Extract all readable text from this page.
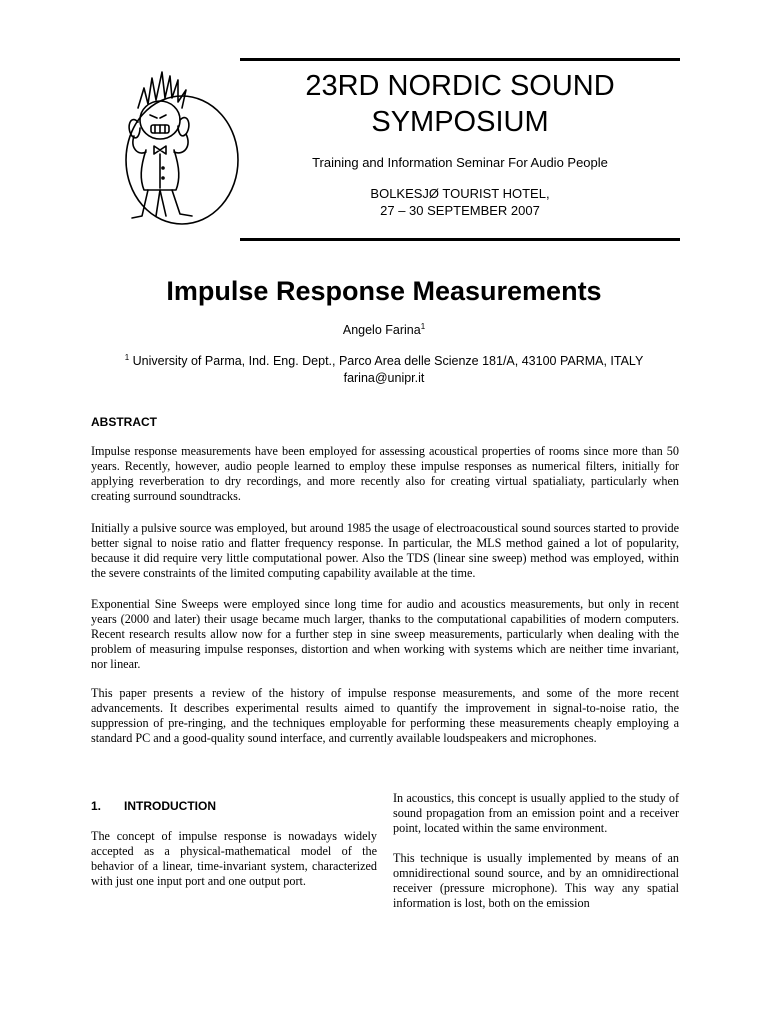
23RD NORDIC SOUND SYMPOSIUM
Training and Information Seminar For Audio People
BOLKESJØ TOURIST HOTEL,
27 – 30 SEPTEMBER 2007
Impulse Response Measurements
Angelo Farina$^1$
$^1$ University of Parma, Ind. Eng. Dept., Parco Area delle Scienze 181/A, 43100 PARMA, ITALY
farina@unipr.it
ABSTRACT

Impulse response measurements have been employed for assessing acoustical properties of rooms since more than 50 years. Recently, however, audio people learned to employ these impulse responses as numerical filters, initially for applying reverberation to dry recordings, and more recently also for creating virtual spatialiaty, particularly when creating surround soundtracks.

Initially a pulsive source was employed, but around 1985 the usage of electroacoustical sound sources started to provide better signal to noise ratio and flatter frequency response. In particular, the MLS method gained a lot of popularity, because it did require very little computational power. Also the TDS (linear sine sweep) method was employed, within the severe constraints of the limited computing capability available at the time.

Exponential Sine Sweeps were employed since long time for audio and acoustics measurements, but only in recent years (2000 and later) their usage became much larger, thanks to the computational capabilities of modern computers. Recent research results allow now for a further step in sine sweep measurements, particularly when dealing with the problem of measuring impulse responses, distortion and when working with systems which are neither time invariant, nor linear.

This paper presents a review of the history of impulse response measurements, and some of the more recent advancements. It describes experimental results aimed to quantify the improvement in signal-to-noise ratio, the suppression of pre-ringing, and the techniques employable for performing these measurements cheaply employing a standard PC and a good-quality sound interface, and currently available loudspeakers and microphones.

1. INTRODUCTION

The concept of impulse response is nowadays widely accepted as a physical-mathematical model of the behavior of a linear, time-invariant system, characterized with just one input port and one output port.

In acoustics, this concept is usually applied to the study of sound propagation from an emission point and a receiver point, located within the same environment.

This technique is usually implemented by means of an omnidirectional sound source, and by an omnidirectional receiver (pressure microphone). This way any spatial information is lost, both on the emission
